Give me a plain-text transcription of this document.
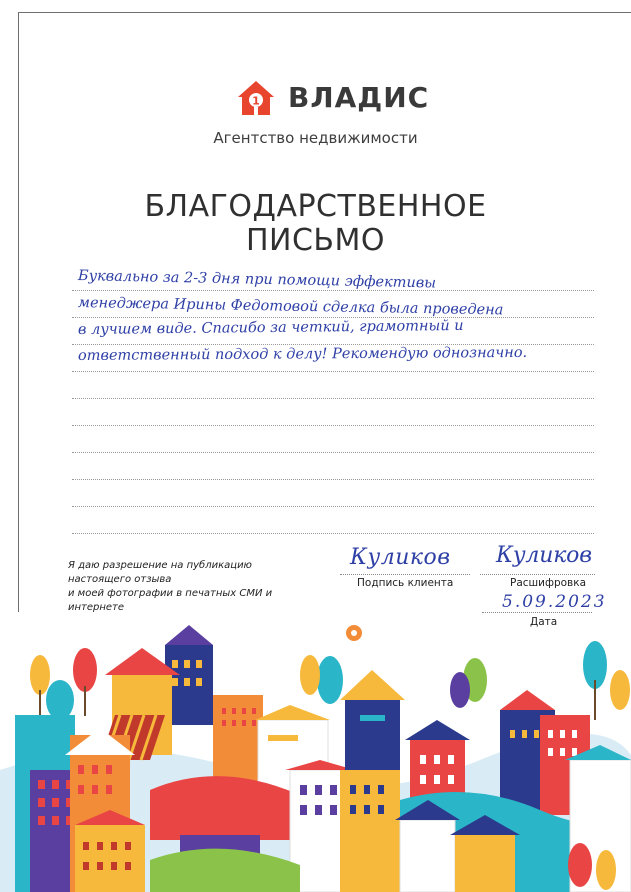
1 ВЛАДИС
Агентство недвижимости
БЛАГОДАРСТВЕННОЕ
ПИСЬМО
Буквально за 2-3 дня при помощи эффективы
менеджера Ирины Федотовой сделка была проведена
в лучшем виде. Спасибо за четкий, грамотный и
ответственный подход к делу! Рекомендую однозначно.
Я даю разрешение на публикацию настоящего отзыва
и моей фотографии в печатных СМИ и интернете
Куликов Куликов
Подпись клиента	Расшифровка
5.09.2023
Дата
